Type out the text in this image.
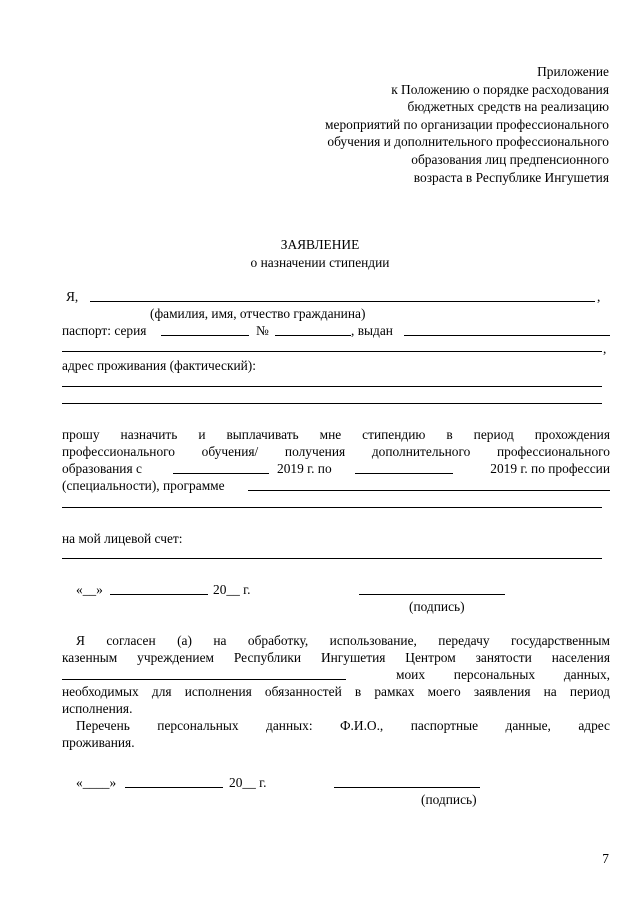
Приложение
к Положению о порядке расходования
бюджетных средств на реализацию
мероприятий по организации профессионального
обучения и дополнительного профессионального
образования лиц предпенсионного
возраста в Республике Ингушетия
ЗАЯВЛЕНИЕ
о назначении стипендии
Я,	,
(фамилия, имя, отчество гражданина)
паспорт: серия	№	, выдан
,
адрес проживания (фактический):
прошу назначить и выплачивать мне стипендию в период прохождения
профессионального обучения/ получения дополнительного профессионального
образования с	2019 г. по	2019 г. по профессии
(специальности), программе
на мой лицевой счет:
«__»	20__ г.
(подпись)
Я согласен (а) на обработку, использование, передачу государственным
казенным учреждением Республики Ингушетия Центром занятости населения
моих персональных данных,
необходимых для исполнения обязанностей в рамках моего заявления на период
исполнения.
Перечень персональных данных: Ф.И.О., паспортные данные, адрес
проживания.
«____»	20__ г.
(подпись)
7
